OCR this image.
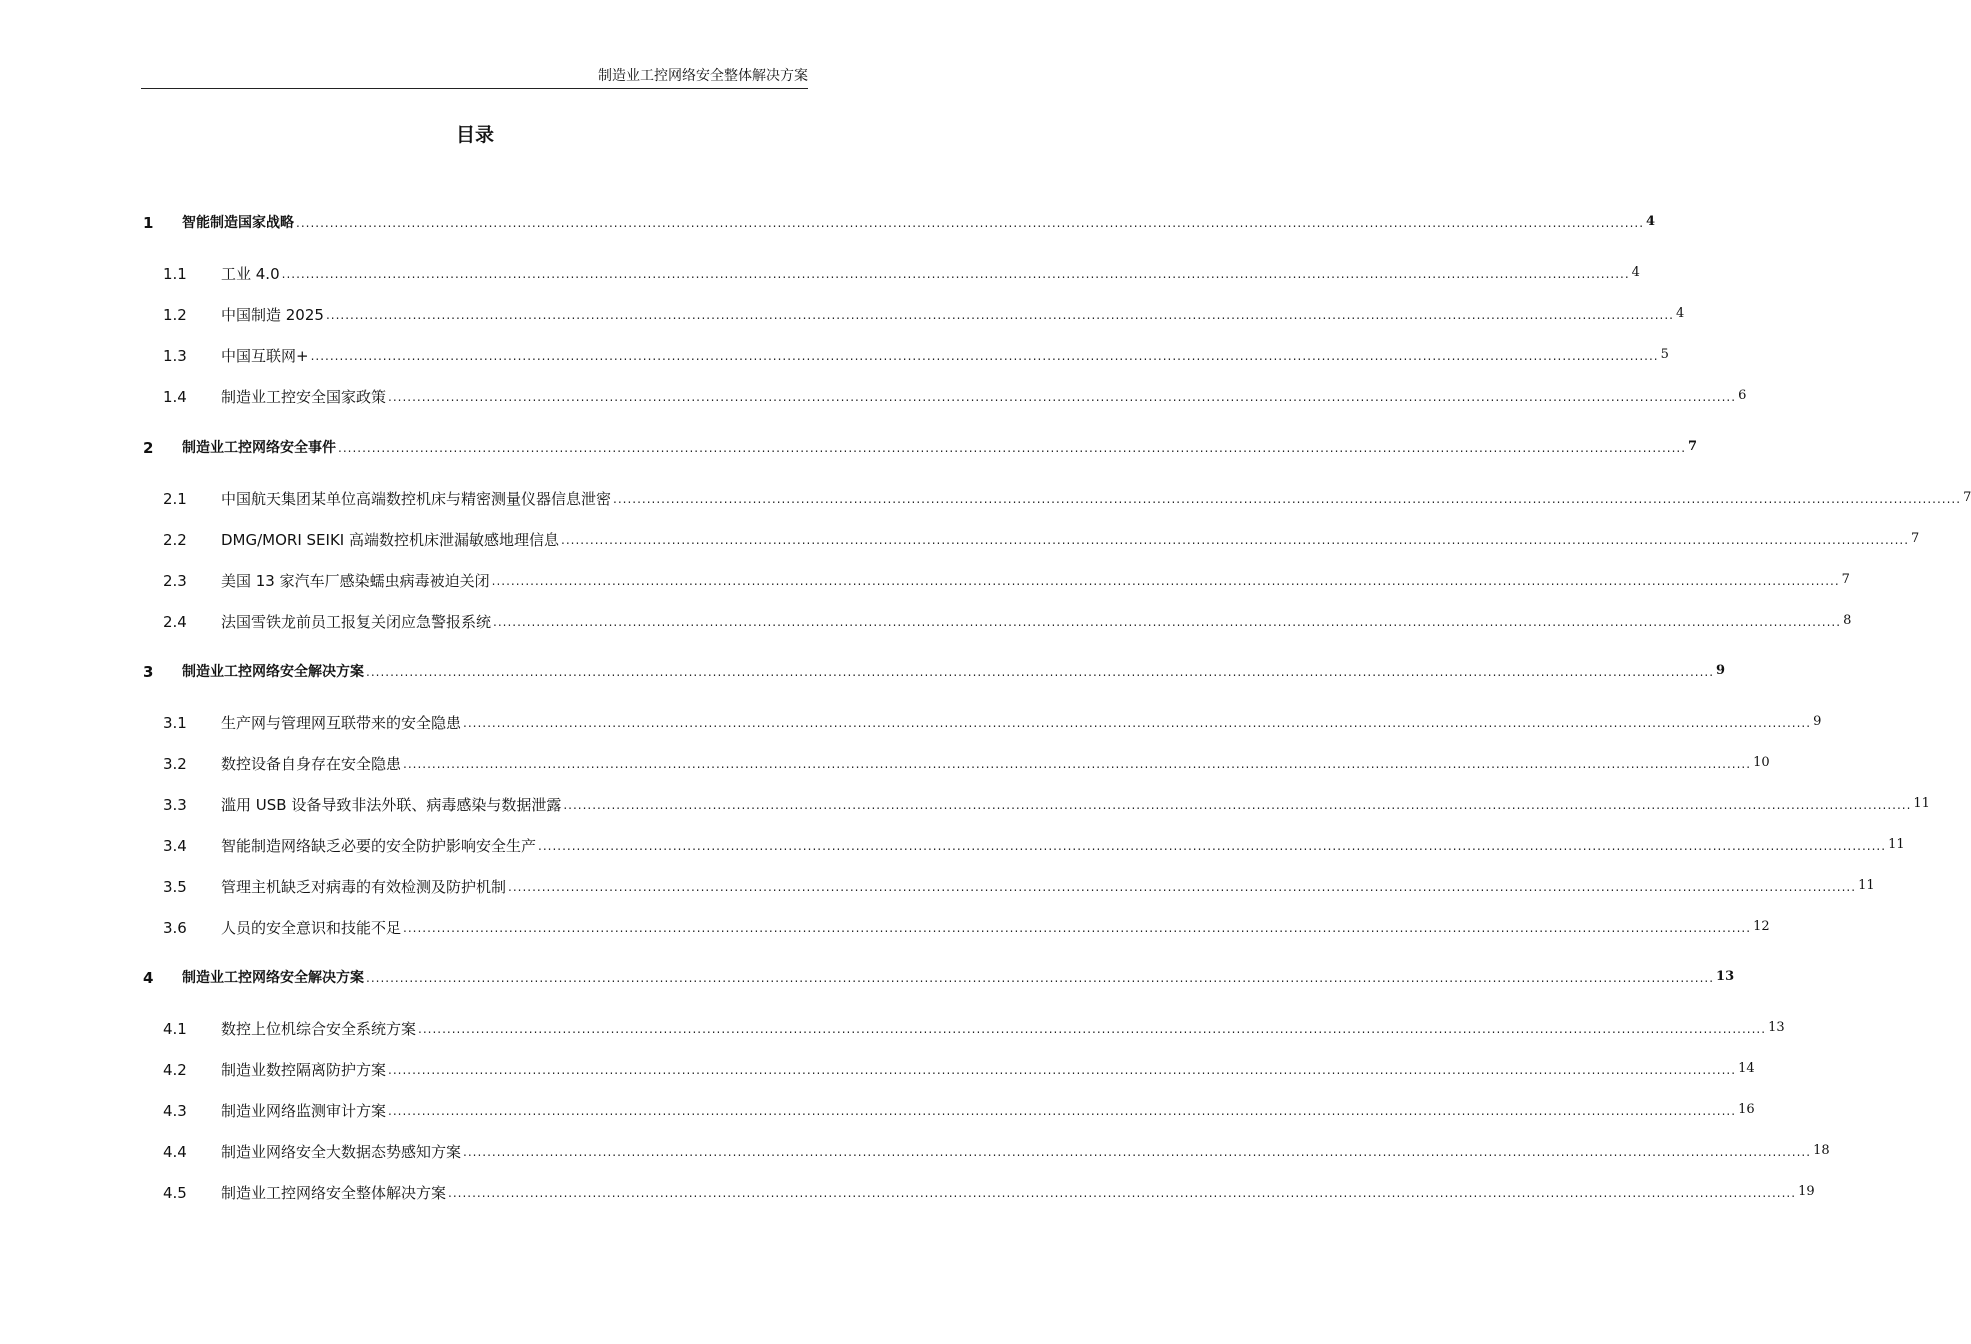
制造业工控网络安全整体解决方案
目录
1 智能制造国家战略 ........................................................................................................................................................................................................................................................................................ 4
1.1 工业 4.0 ........................................................................................................................................................................................................................................................................................ 4
1.2 中国制造 2025 ........................................................................................................................................................................................................................................................................................ 4
1.3 中国互联网+ ........................................................................................................................................................................................................................................................................................ 5
1.4 制造业工控安全国家政策 ........................................................................................................................................................................................................................................................................................ 6
2 制造业工控网络安全事件 ........................................................................................................................................................................................................................................................................................ 7
2.1 中国航天集团某单位高端数控机床与精密测量仪器信息泄密 ........................................................................................................................................................................................................................................................................................ 7
2.2 DMG/MORI SEIKI 高端数控机床泄漏敏感地理信息 ........................................................................................................................................................................................................................................................................................ 7
2.3 美国 13 家汽车厂感染蠕虫病毒被迫关闭 ........................................................................................................................................................................................................................................................................................ 7
2.4 法国雪铁龙前员工报复关闭应急警报系统 ........................................................................................................................................................................................................................................................................................ 8
3 制造业工控网络安全解决方案 ........................................................................................................................................................................................................................................................................................ 9
3.1 生产网与管理网互联带来的安全隐患 ........................................................................................................................................................................................................................................................................................ 9
3.2 数控设备自身存在安全隐患 ........................................................................................................................................................................................................................................................................................ 10
3.3 滥用 USB 设备导致非法外联、病毒感染与数据泄露 ........................................................................................................................................................................................................................................................................................ 11
3.4 智能制造网络缺乏必要的安全防护影响安全生产 ........................................................................................................................................................................................................................................................................................ 11
3.5 管理主机缺乏对病毒的有效检测及防护机制 ........................................................................................................................................................................................................................................................................................ 11
3.6 人员的安全意识和技能不足 ........................................................................................................................................................................................................................................................................................ 12
4 制造业工控网络安全解决方案 ........................................................................................................................................................................................................................................................................................ 13
4.1 数控上位机综合安全系统方案 ........................................................................................................................................................................................................................................................................................ 13
4.2 制造业数控隔离防护方案 ........................................................................................................................................................................................................................................................................................ 14
4.3 制造业网络监测审计方案 ........................................................................................................................................................................................................................................................................................ 16
4.4 制造业网络安全大数据态势感知方案 ........................................................................................................................................................................................................................................................................................ 18
4.5 制造业工控网络安全整体解决方案 ........................................................................................................................................................................................................................................................................................ 19
